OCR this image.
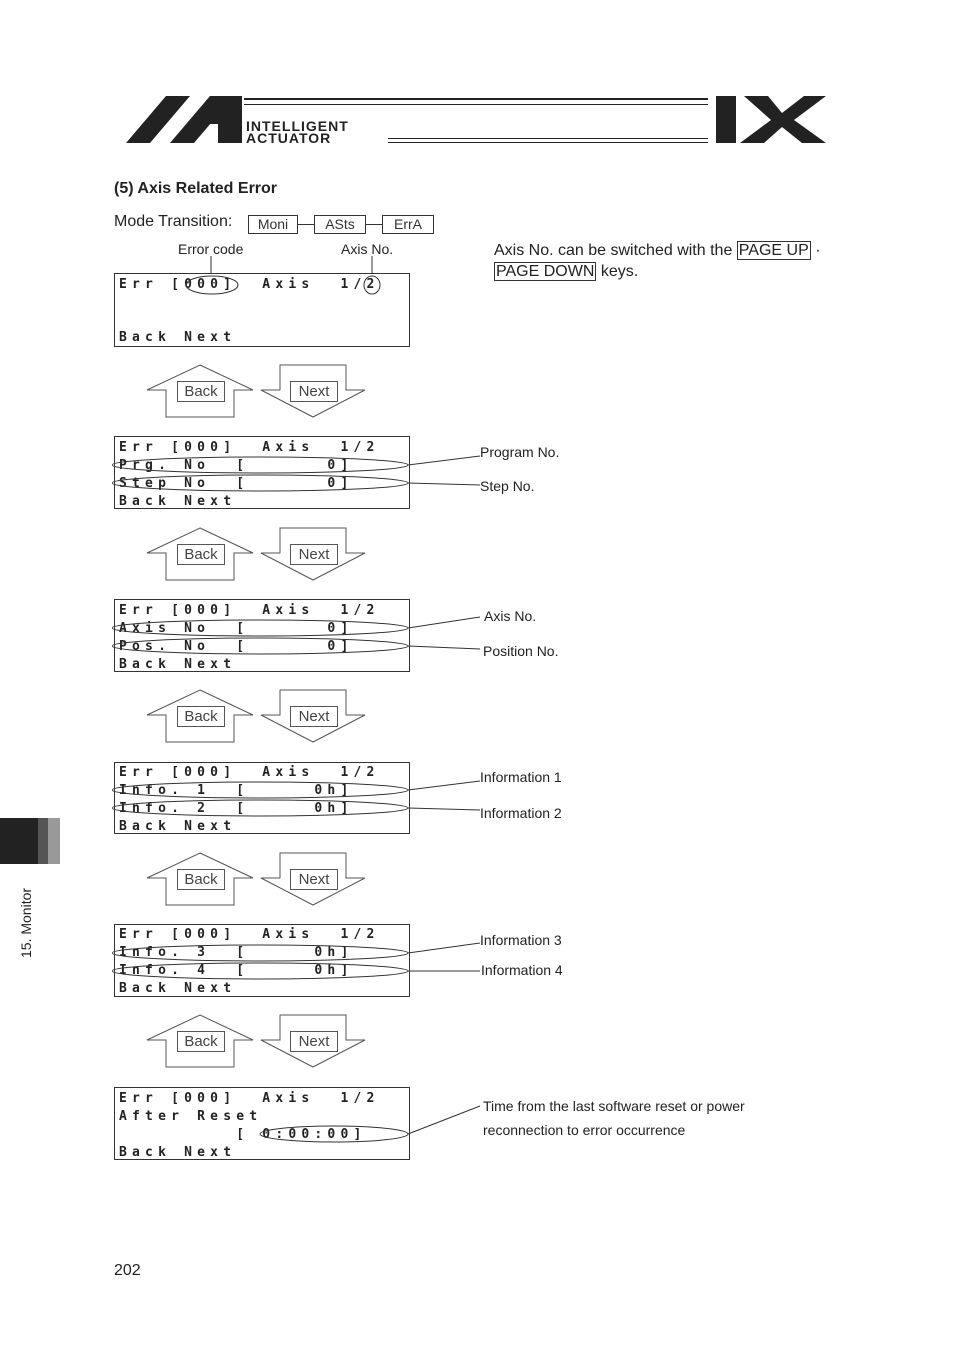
INTELLIGENT
ACTUATOR
(5) Axis Related Error
Mode Transition:	Moni	ASts	ErrA
Error code	Axis No.	Axis No. can be switched with the PAGE UP ·
PAGE DOWN keys.
Err [000]  Axis  1/2
Back Next
Back	Next
Err [000]  Axis  1/2
Prg. No  [      0]
Step No  [      0]
Back Next
Program No.
Step No.
Back	Next
Err [000]  Axis  1/2
Axis No  [      0]
Pos. No  [      0]
Back Next
Axis No.
Position No.
Back	Next
Err [000]  Axis  1/2
Info. 1  [     0h]
Info. 2  [     0h]
Back Next
Information 1
Information 2
Back	Next
Err [000]  Axis  1/2
Info. 3  [     0h]
Info. 4  [     0h]
Back Next
Information 3
Information 4
Back	Next
Err [000]  Axis  1/2
After Reset
[ 0:00:00]
Back Next
Time from the last software reset or power
reconnection to error occurrence
15. Monitor
202
